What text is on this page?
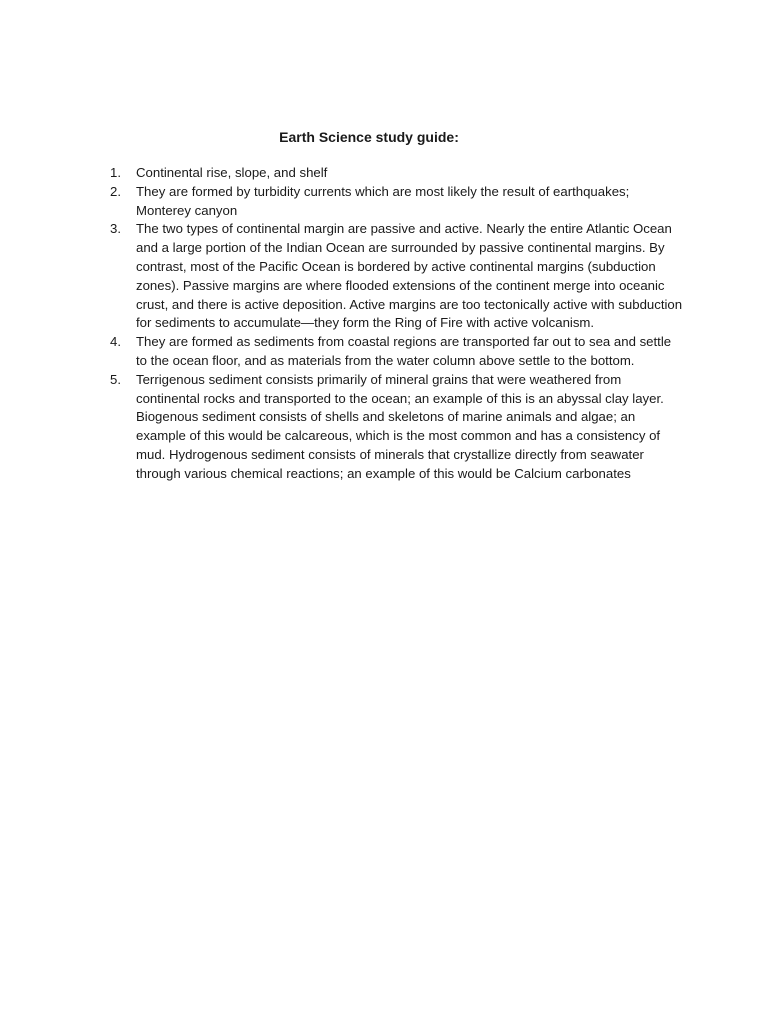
Earth Science study guide:
1. Continental rise, slope, and shelf
2. They are formed by turbidity currents which are most likely the result of earthquakes; Monterey canyon
3. The two types of continental margin are passive and active. Nearly the entire Atlantic Ocean and a large portion of the Indian Ocean are surrounded by passive continental margins. By contrast, most of the Pacific Ocean is bordered by active continental margins (subduction zones). Passive margins are where flooded extensions of the continent merge into oceanic crust, and there is active deposition. Active margins are too tectonically active with subduction for sediments to accumulate—they form the Ring of Fire with active volcanism.
4. They are formed as sediments from coastal regions are transported far out to sea and settle to the ocean floor, and as materials from the water column above settle to the bottom.
5. Terrigenous sediment consists primarily of mineral grains that were weathered from continental rocks and transported to the ocean; an example of this is an abyssal clay layer. Biogenous sediment consists of shells and skeletons of marine animals and algae; an example of this would be calcareous, which is the most common and has a consistency of mud. Hydrogenous sediment consists of minerals that crystallize directly from seawater through various chemical reactions; an example of this would be Calcium carbonates
